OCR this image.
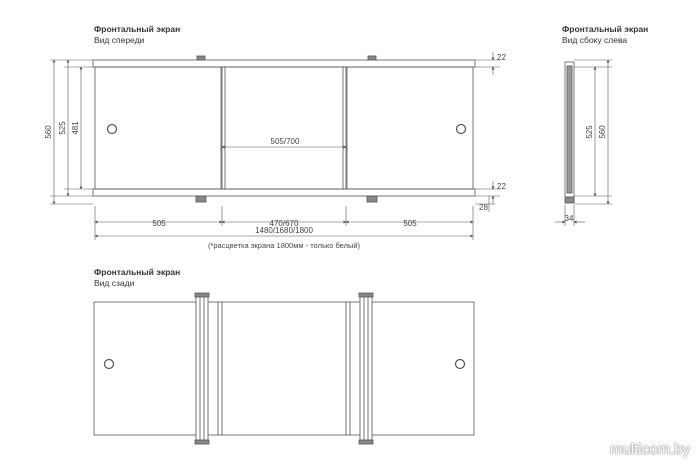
Фронтальный экран
Вид спереди
Фронтальный экран
Вид сбоку слева
Фронтальный экран
Вид сзади
560 525 481
505/700
22
22
28
505	470/670	505
1480/1680/1800
(*расцветка экрана 1800мм - только белый)
525 560
34
multicom.by
